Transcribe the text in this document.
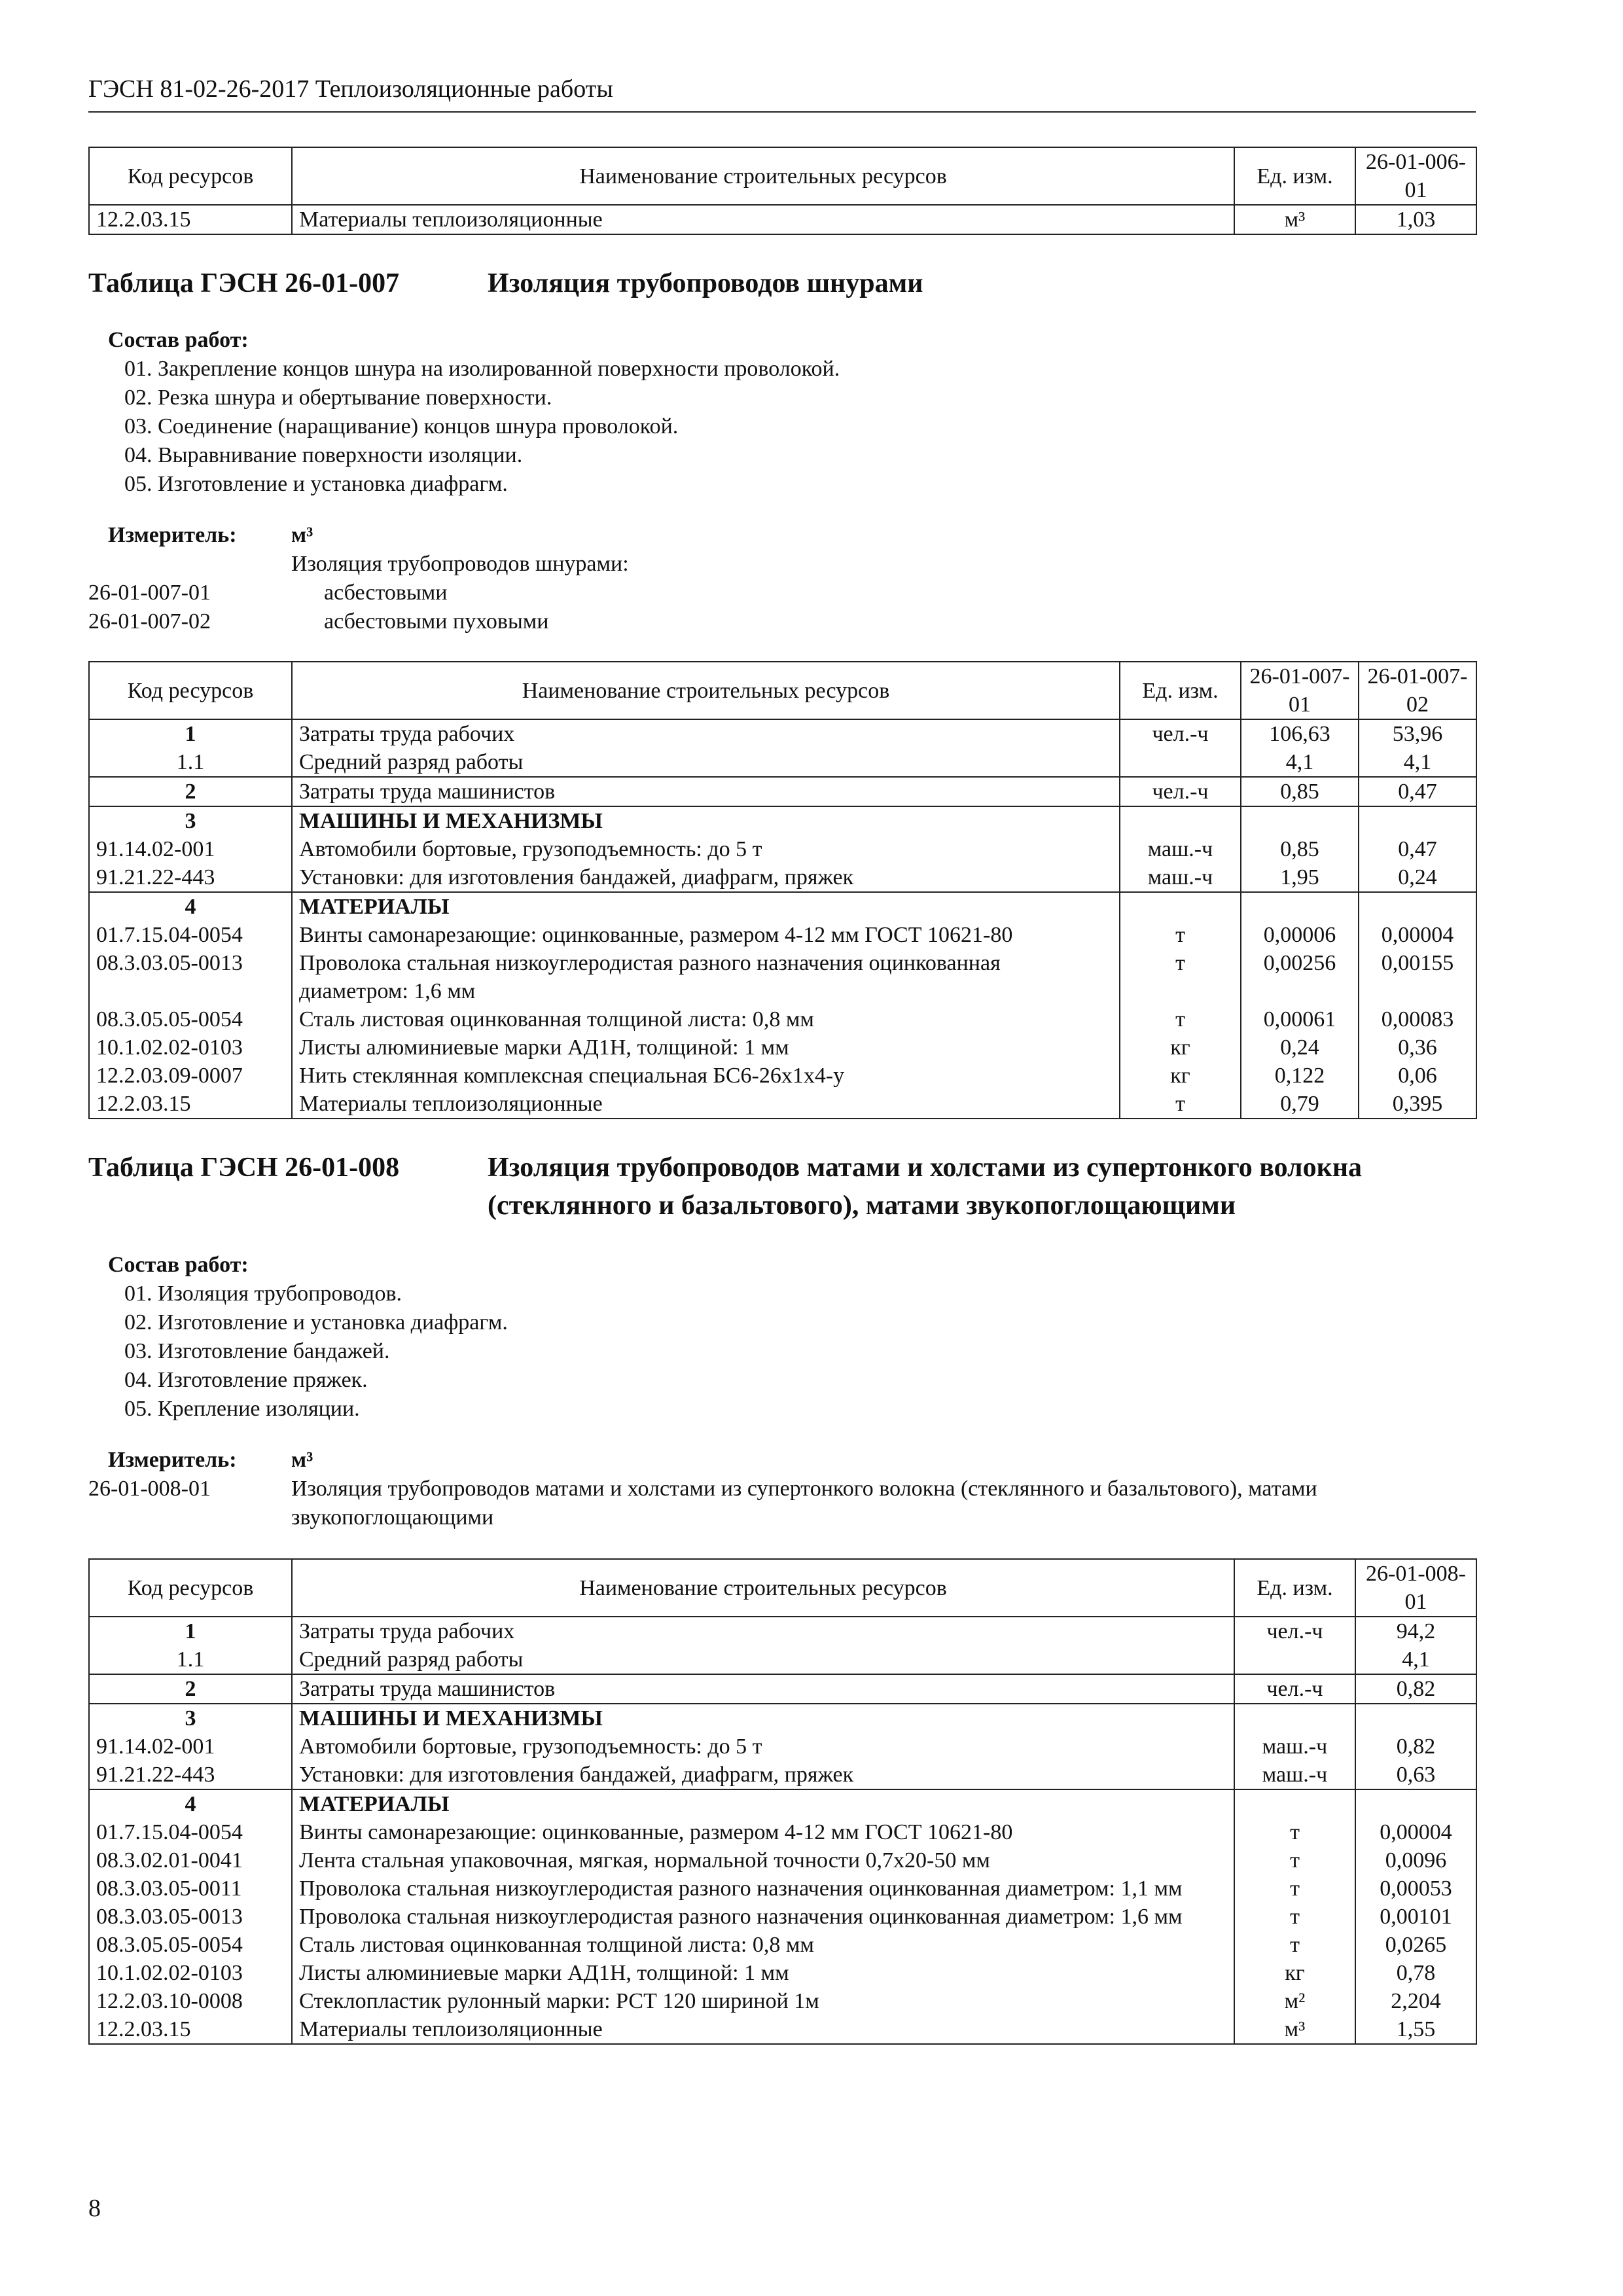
ГЭСН 81-02-26-2017 Теплоизоляционные работы
Код ресурсов	Наименование строительных ресурсов	Ед. изм.	26-01-006-01
12.2.03.15	Материалы теплоизоляционные	м³	1,03
Таблица ГЭСН 26-01-007	Изоляция трубопроводов шнурами
Состав работ:
01. Закрепление концов шнура на изолированной поверхности проволокой.
02. Резка шнура и обертывание поверхности.
03. Соединение (наращивание) концов шнура проволокой.
04. Выравнивание поверхности изоляции.
05. Изготовление и установка диафрагм.
Измеритель:	м³
Изоляция трубопроводов шнурами:
26-01-007-01	асбестовыми
26-01-007-02	асбестовыми пуховыми
Код ресурсов	Наименование строительных ресурсов	Ед. изм.	26-01-007-01	26-01-007-02
1	Затраты труда рабочих	чел.-ч	106,63	53,96
1.1	Средний разряд работы		4,1	4,1
2	Затраты труда машинистов	чел.-ч	0,85	0,47
3	МАШИНЫ И МЕХАНИЗМЫ			
91.14.02-001	Автомобили бортовые, грузоподъемность: до 5 т	маш.-ч	0,85	0,47
91.21.22-443	Установки: для изготовления бандажей, диафрагм, пряжек	маш.-ч	1,95	0,24
4	МАТЕРИАЛЫ			
01.7.15.04-0054	Винты самонарезающие: оцинкованные, размером 4-12 мм ГОСТ 10621-80	т	0,00006	0,00004
08.3.03.05-0013	Проволока стальная низкоуглеродистая разного назначения оцинкованная диаметром: 1,6 мм	т	0,00256	0,00155
08.3.05.05-0054	Сталь листовая оцинкованная толщиной листа: 0,8 мм	т	0,00061	0,00083
10.1.02.02-0103	Листы алюминиевые марки АД1Н, толщиной: 1 мм	кг	0,24	0,36
12.2.03.09-0007	Нить стеклянная комплексная специальная БС6-26х1х4-у	кг	0,122	0,06
12.2.03.15	Материалы теплоизоляционные	т	0,79	0,395
Таблица ГЭСН 26-01-008	Изоляция трубопроводов матами и холстами из супертонкого волокна (стеклянного и базальтового), матами звукопоглощающими
Состав работ:
01. Изоляция трубопроводов.
02. Изготовление и установка диафрагм.
03. Изготовление бандажей.
04. Изготовление пряжек.
05. Крепление изоляции.
Измеритель:	м³
26-01-008-01	Изоляция трубопроводов матами и холстами из супертонкого волокна (стеклянного и базальтового), матами звукопоглощающими
Код ресурсов	Наименование строительных ресурсов	Ед. изм.	26-01-008-01
1	Затраты труда рабочих	чел.-ч	94,2
1.1	Средний разряд работы		4,1
2	Затраты труда машинистов	чел.-ч	0,82
3	МАШИНЫ И МЕХАНИЗМЫ		
91.14.02-001	Автомобили бортовые, грузоподъемность: до 5 т	маш.-ч	0,82
91.21.22-443	Установки: для изготовления бандажей, диафрагм, пряжек	маш.-ч	0,63
4	МАТЕРИАЛЫ		
01.7.15.04-0054	Винты самонарезающие: оцинкованные, размером 4-12 мм ГОСТ 10621-80	т	0,00004
08.3.02.01-0041	Лента стальная упаковочная, мягкая, нормальной точности 0,7х20-50 мм	т	0,0096
08.3.03.05-0011	Проволока стальная низкоуглеродистая разного назначения оцинкованная диаметром: 1,1 мм	т	0,00053
08.3.03.05-0013	Проволока стальная низкоуглеродистая разного назначения оцинкованная диаметром: 1,6 мм	т	0,00101
08.3.05.05-0054	Сталь листовая оцинкованная толщиной листа: 0,8 мм	т	0,0265
10.1.02.02-0103	Листы алюминиевые марки АД1Н, толщиной: 1 мм	кг	0,78
12.2.03.10-0008	Стеклопластик рулонный марки: РСТ 120 шириной 1м	м²	2,204
12.2.03.15	Материалы теплоизоляционные	м³	1,55
8
